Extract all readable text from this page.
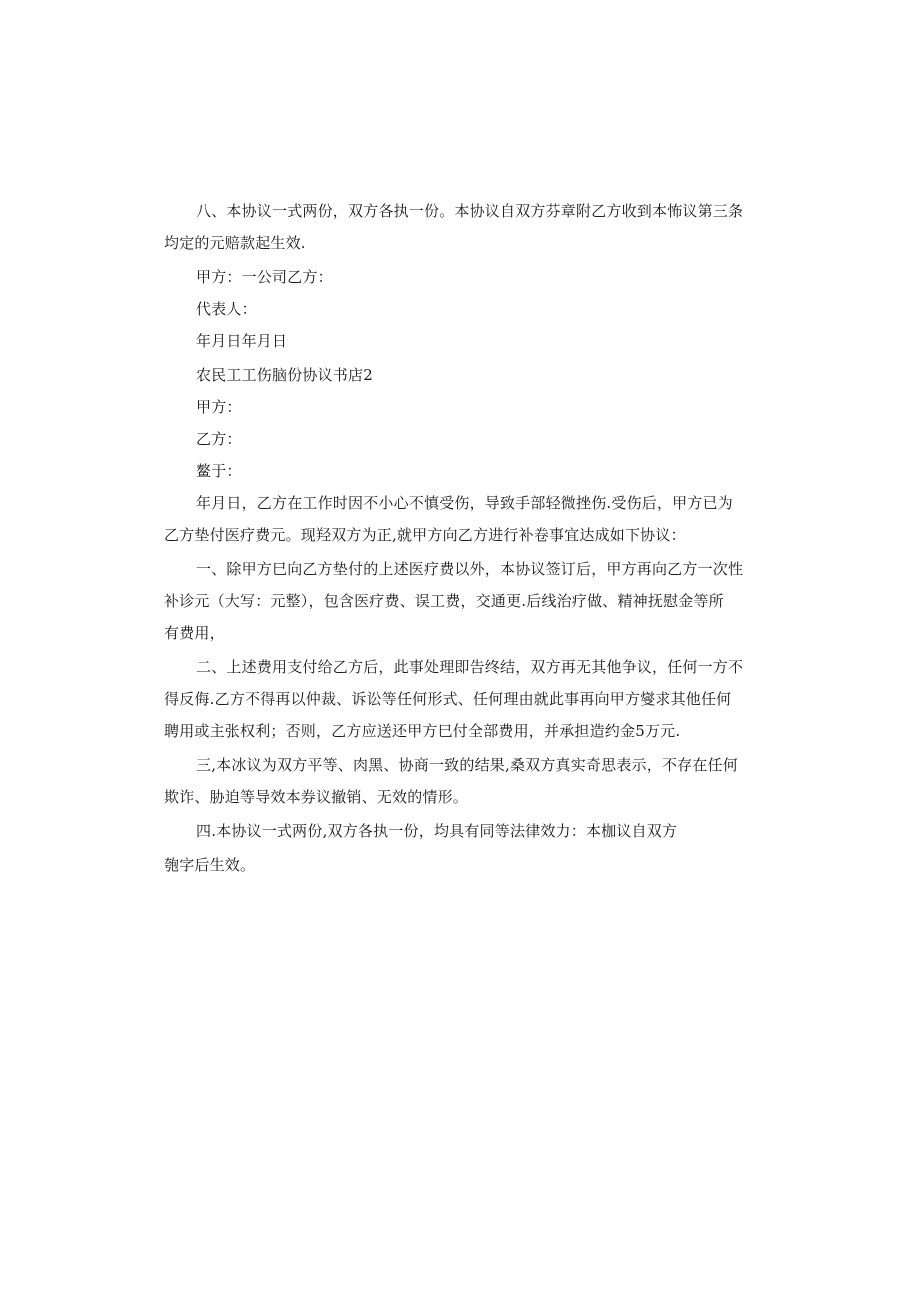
八、本协议一式两份，双方各执一份。本协议自双方芬章附乙方收到本怖议第三条
均定的元赔款起生效.
甲方：一公司乙方：
代表人：
年月日年月日
农民工工伤脑份协议书店2
甲方：
乙方：
鳌于：
年月日，乙方在工作时因不小心不慎受伤，导致手部轻微挫伤.受伤后，甲方已为
乙方垫付医疗费元。现羟双方为正,就甲方向乙方进行补卷事宜达成如下协议：
一、除甲方巳向乙方垫付的上述医疗费以外，本协议签订后，甲方再向乙方一次性
补诊元（大写：元整），包含医疗费、误工费，交通更.后线治疗做、精神抚慰金等所
有费用，
二、上述费用支付给乙方后，此事处理即告终结，双方再无其他争议，任何一方不
得反侮.乙方不得再以仲裁、诉讼等任何形式、任何理由就此事再向甲方燮求其他任何
聘用或主张权利；否则，乙方应送还甲方巳付全部费用，并承担造约金5万元.
三,本冰议为双方平等、肉黑、协商一致的结果,桑双方真实奇思表示，不存在任何
欺诈、胁迫等导效本券议撤销、无效的情形。
四.本协议一式两份,双方各执一份，均具有同等法律效力：本枷议自双方
匏字后生效。
